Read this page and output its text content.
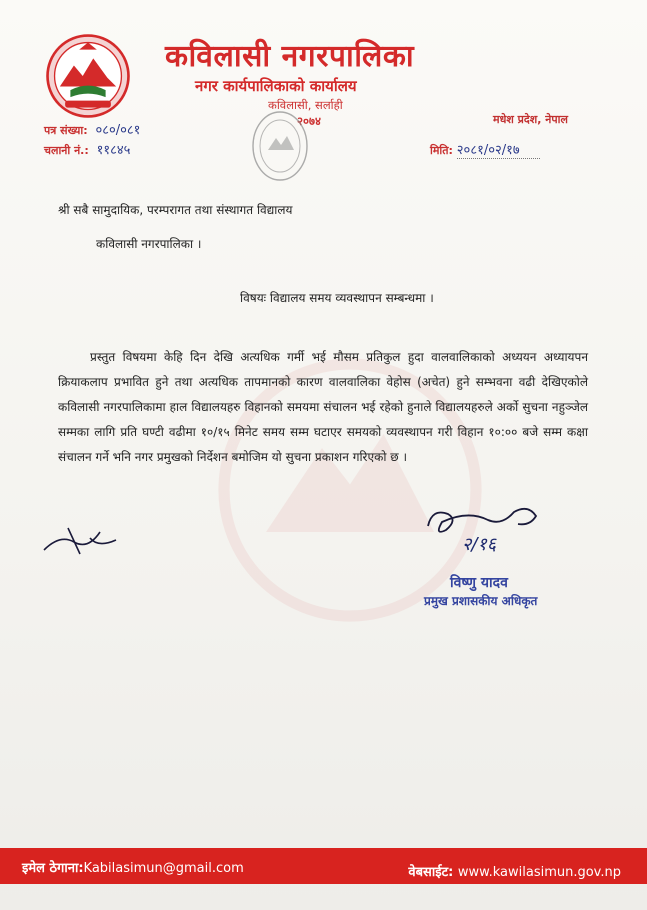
कविलासी नगरपालिका
नगर कार्यपालिकाको कार्यालय
कविलासी, सर्लाही
२०७४	मधेश प्रदेश, नेपाल
पत्र संख्या: ०८०/०८१
चलानी नं.: ११८४५	मिति: २०८१/०२/१७
श्री सबै सामुदायिक, परम्परागत तथा संस्थागत विद्यालय
कविलासी नगरपालिका ।
विषयः विद्यालय समय व्यवस्थापन सम्बन्धमा ।
प्रस्तुत विषयमा केहि दिन देखि अत्यधिक गर्मी भई मौसम प्रतिकुल हुदा वालवालिकाको अध्ययन अध्यायपन क्रियाकलाप प्रभावित हुने तथा अत्यधिक तापमानको कारण वालवालिका वेहोस (अचेत) हुने सम्भवना वढी देखिएकोले कविलासी नगरपालिकामा हाल विद्यालयहरु विहानको समयमा संचालन भई रहेको हुनाले विद्यालयहरुले अर्को सुचना नहुञ्जेल सम्मका लागि प्रति घण्टी वढीमा १०/१५ मिनेट समय सम्म घटाएर समयको व्यवस्थापन गरी विहान १०:०० बजे सम्म कक्षा संचालन गर्ने भनि नगर प्रमुखको निर्देशन बमोजिम यो सुचना प्रकाशन गरिएको छ ।
२/१६
विष्णु यादव
प्रमुख प्रशासकीय अधिकृत
इमेल ठेगाना:Kabilasimun@gmail.com	वेबसाईट: www.kawilasimun.gov.np
